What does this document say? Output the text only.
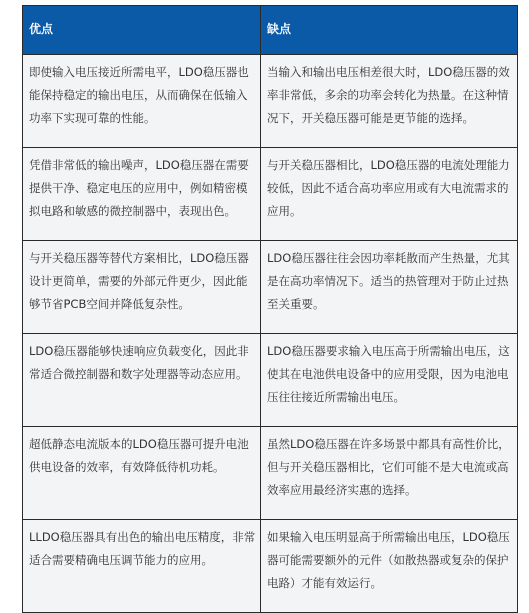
优点	缺点

即使输入电压接近所需电平，LDO稳压器也能保持稳定的输出电压，从而确保在低输入功率下实现可靠的性能。	当输入和输出电压相差很大时，LDO稳压器的效率非常低，多余的功率会转化为热量。在这种情况下，开关稳压器可能是更节能的选择。
凭借非常低的输出噪声，LDO稳压器在需要提供干净、稳定电压的应用中，例如精密模拟电路和敏感的微控制器中，表现出色。	与开关稳压器相比，LDO稳压器的电流处理能力较低，因此不适合高功率应用或有大电流需求的应用。
与开关稳压器等替代方案相比，LDO稳压器设计更简单，需要的外部元件更少，因此能够节省PCB空间并降低复杂性。	LDO稳压器往往会因功率耗散而产生热量，尤其是在高功率情况下。适当的热管理对于防止过热至关重要。
LDO稳压器能够快速响应负载变化，因此非常适合微控制器和数字处理器等动态应用。	LDO稳压器要求输入电压高于所需输出电压，这使其在电池供电设备中的应用受限，因为电池电压往往接近所需输出电压。
超低静态电流版本的LDO稳压器可提升电池供电设备的效率，有效降低待机功耗。	虽然LDO稳压器在许多场景中都具有高性价比，但与开关稳压器相比，它们可能不是大电流或高效率应用最经济实惠的选择。
LLDO稳压器具有出色的输出电压精度，非常适合需要精确电压调节能力的应用。	如果输入电压明显高于所需输出电压，LDO稳压器可能需要额外的元件（如散热器或复杂的保护电路）才能有效运行。
